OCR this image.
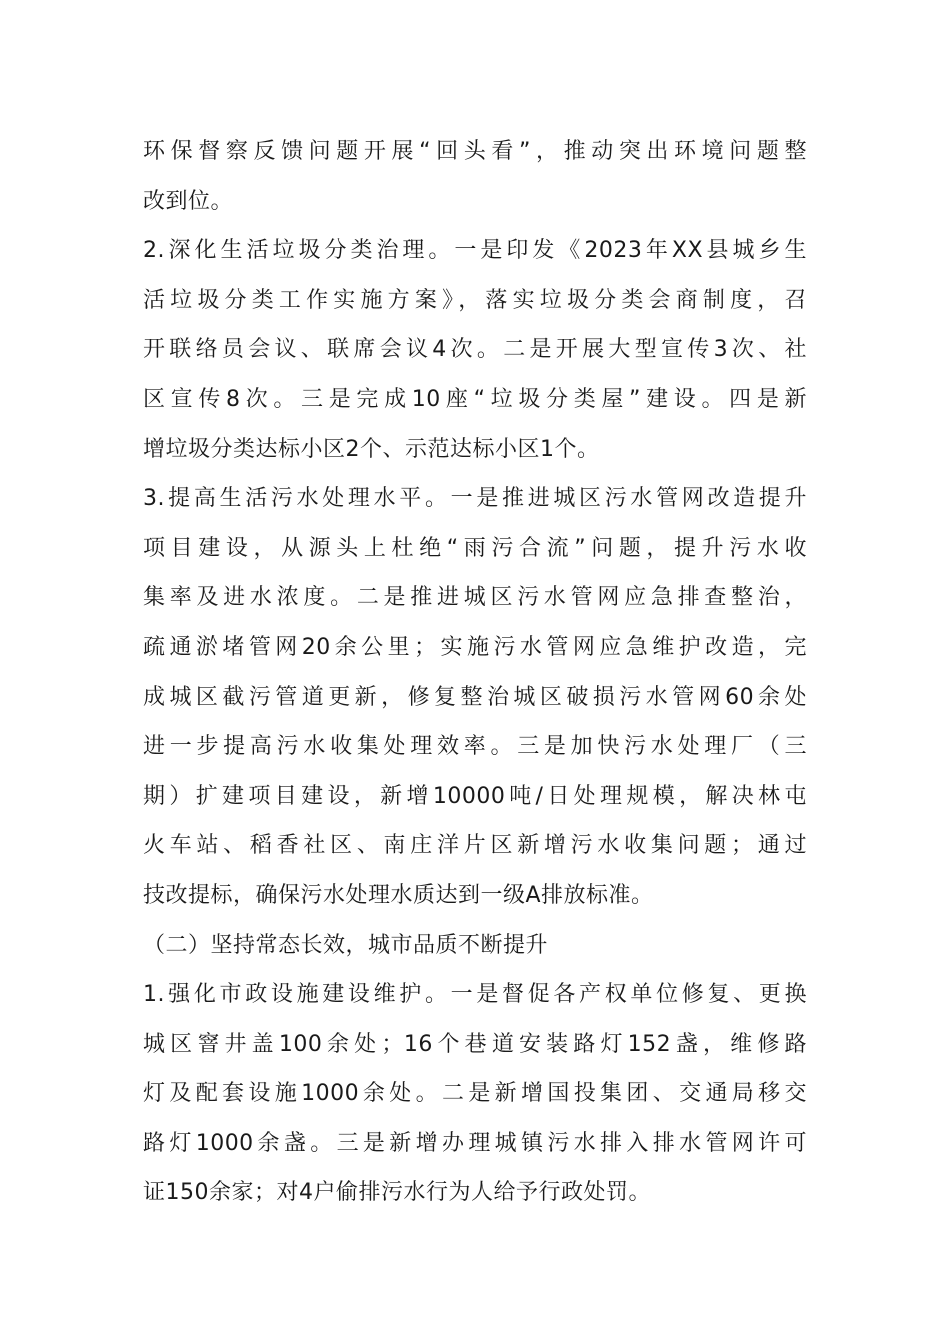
环保督察反馈问题开展“回头看”，推动突出环境问题整
改到位。
2.深化生活垃圾分类治理。一是印发《2023年XX县城乡生
活垃圾分类工作实施方案》，落实垃圾分类会商制度，召
开联络员会议、联席会议4次。二是开展大型宣传3次、社
区宣传8次。三是完成10座“垃圾分类屋”建设。四是新
增垃圾分类达标小区2个、示范达标小区1个。
3.提高生活污水处理水平。一是推进城区污水管网改造提升
项目建设，从源头上杜绝“雨污合流”问题，提升污水收
集率及进水浓度。二是推进城区污水管网应急排查整治，
疏通淤堵管网20余公里；实施污水管网应急维护改造，完
成城区截污管道更新，修复整治城区破损污水管网60余处
进一步提高污水收集处理效率。三是加快污水处理厂（三
期）扩建项目建设，新增10000吨/日处理规模，解决林屯
火车站、稻香社区、南庄洋片区新增污水收集问题；通过
技改提标，确保污水处理水质达到一级A排放标准。
（二）坚持常态长效，城市品质不断提升
1.强化市政设施建设维护。一是督促各产权单位修复、更换
城区窨井盖100余处；16个巷道安装路灯152盏，维修路
灯及配套设施1000余处。二是新增国投集团、交通局移交
路灯1000余盏。三是新增办理城镇污水排入排水管网许可
证150余家；对4户偷排污水行为人给予行政处罚。
